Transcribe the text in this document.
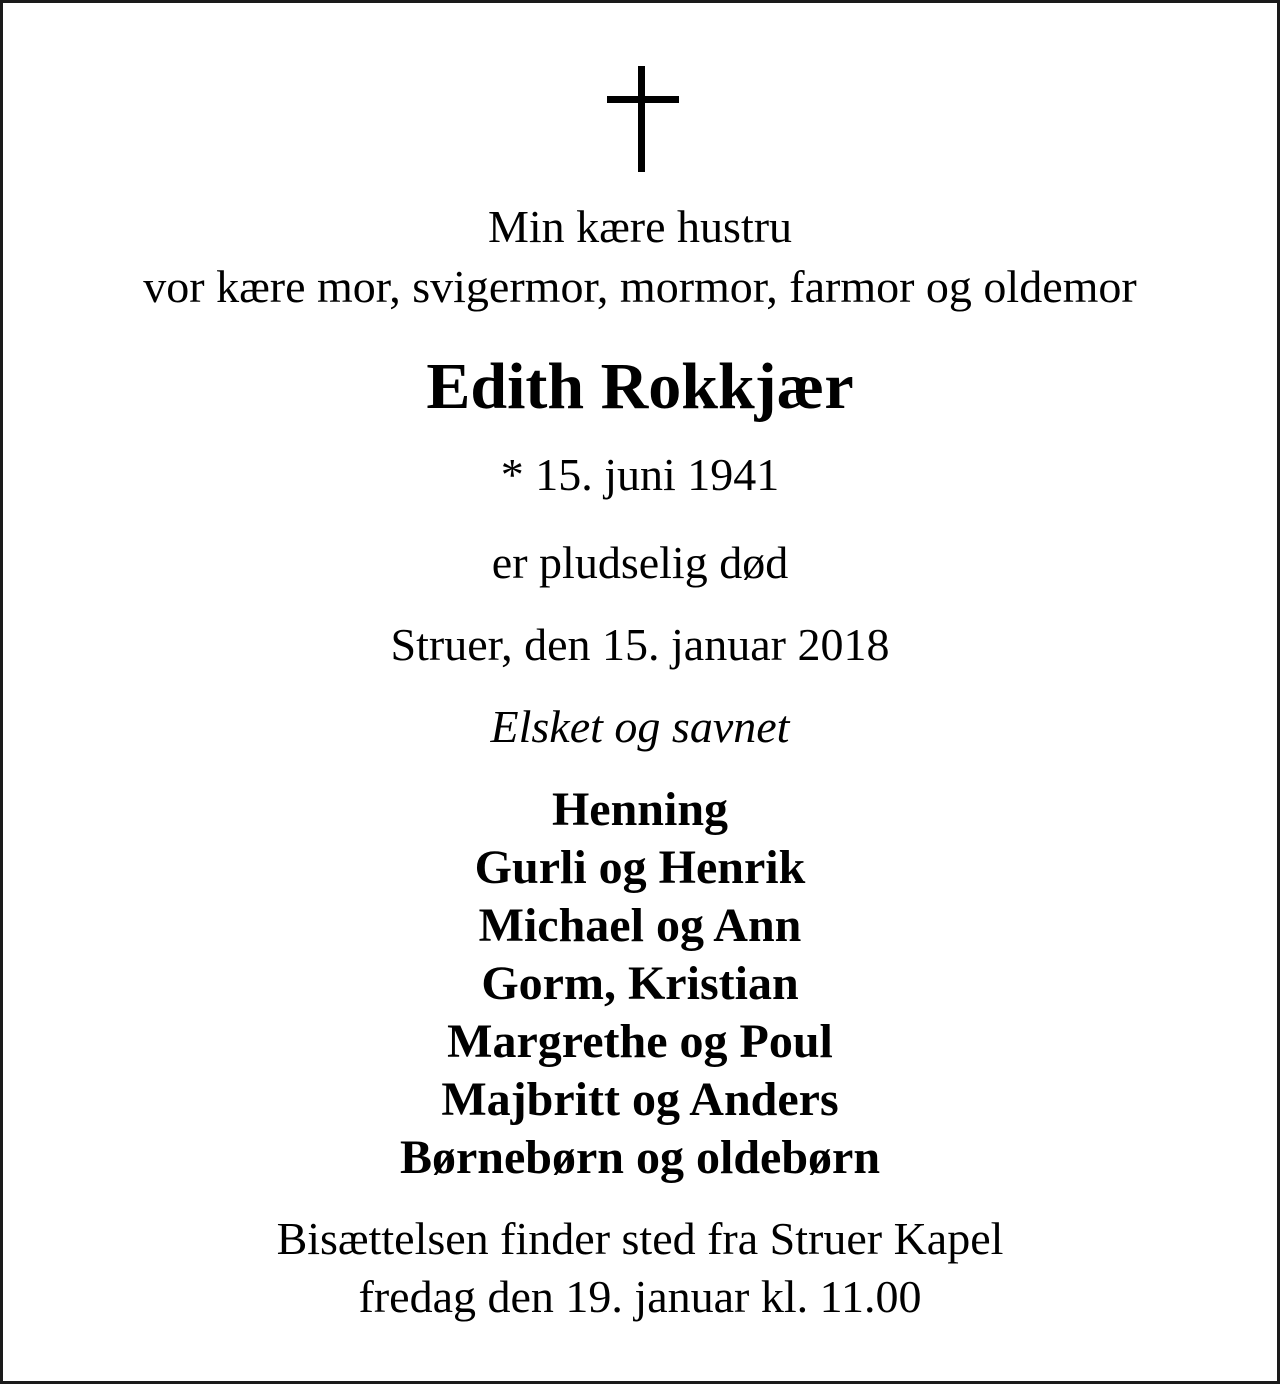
Min kære hustru
vor kære mor, svigermor, mormor, farmor og oldemor
Edith Rokkjær
* 15. juni 1941
er pludselig død
Struer, den 15. januar 2018
Elsket og savnet
Henning
Gurli og Henrik
Michael og Ann
Gorm, Kristian
Margrethe og Poul
Majbritt og Anders
Børnebørn og oldebørn
Bisættelsen finder sted fra Struer Kapel
fredag den 19. januar kl. 11.00
